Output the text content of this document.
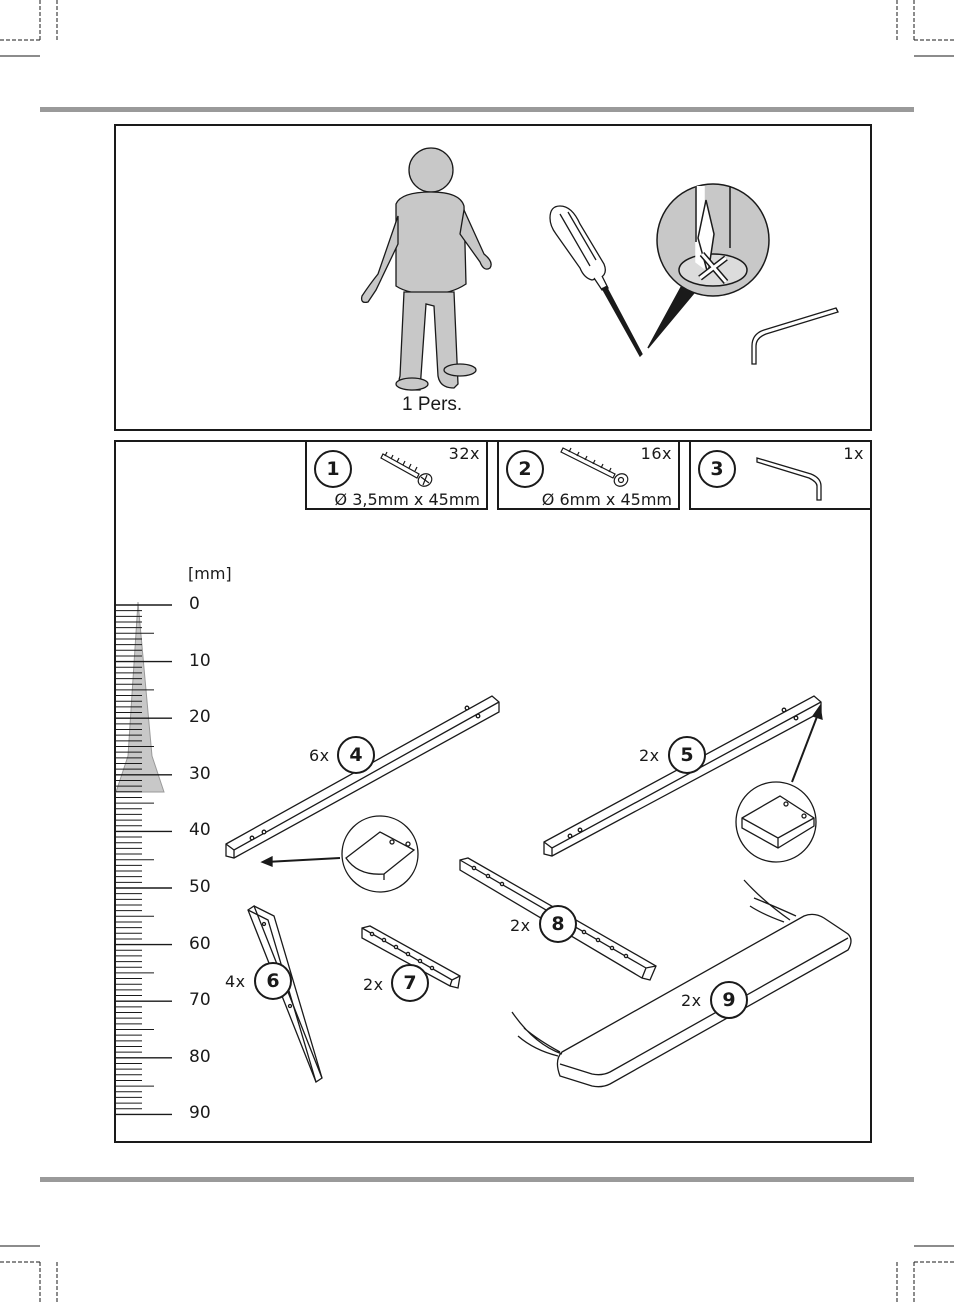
1 Pers.
1
32x
Ø 3,5mm x 45mm
2
16x
Ø 6mm x 45mm
3
1x
[mm]
0
10
20
30
40
50
60
70
80
90
6x	4	2x	5
4x	6	2x	7
2x	8
2x	9
